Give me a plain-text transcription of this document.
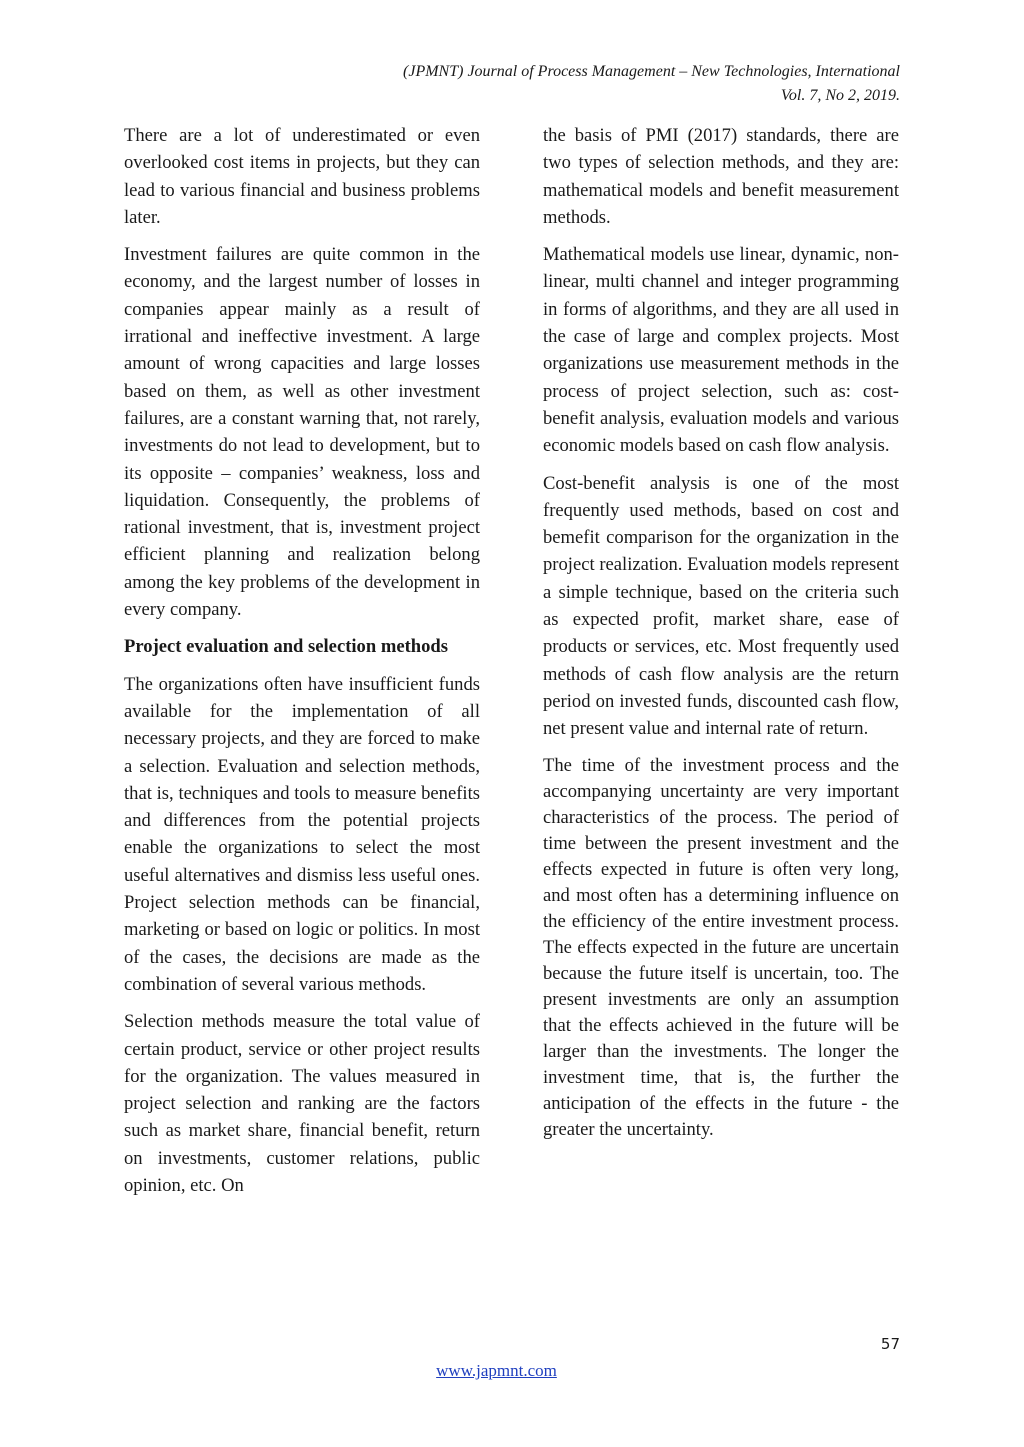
(JPMNT) Journal of Process Management – New Technologies, International
Vol. 7, No 2, 2019.

There are a lot of underestimated or even overlooked cost items in projects, but they can lead to various financial and business problems later.

Investment failures are quite common in the economy, and the largest number of losses in companies appear mainly as a result of irrational and ineffective investment. A large amount of wrong capacities and large losses based on them, as well as other investment failures, are a constant warning that, not rarely, investments do not lead to development, but to its opposite – companies’ weakness, loss and liquidation. Consequently, the problems of rational investment, that is, investment project efficient planning and realization belong among the key problems of the development in every company.

Project evaluation and selection methods

The organizations often have insufficient funds available for the implementation of all necessary projects, and they are forced to make a selection. Evaluation and selection methods, that is, techniques and tools to measure benefits and differences from the potential projects enable the organizations to select the most useful alternatives and dismiss less useful ones. Project selection methods can be financial, marketing or based on logic or politics. In most of the cases, the decisions are made as the combination of several various methods.

Selection methods measure the total value of certain product, service or other project results for the organization. The values measured in project selection and ranking are the factors such as market share, financial benefit, return on investments, customer relations, public opinion, etc. On

the basis of PMI (2017) standards, there are two types of selection methods, and they are: mathematical models and benefit measurement methods.

Mathematical models use linear, dynamic, non-linear, multi channel and integer programming in forms of algorithms, and they are all used in the case of large and complex projects. Most organizations use measurement methods in the process of project selection, such as: cost-benefit analysis, evaluation models and various economic models based on cash flow analysis.

Cost-benefit analysis is one of the most frequently used methods, based on cost and bemefit comparison for the organization in the project realization. Evaluation models represent a simple technique, based on the criteria such as expected profit, market share, ease of products or services, etc. Most frequently used methods of cash flow analysis are the return period on invested funds, discounted cash flow, net present value and internal rate of return.

The time of the investment process and the accompanying uncertainty are very important characteristics of the process. The period of time between the present investment and the effects expected in future is often very long, and most often has a determining influence on the efficiency of the entire investment process. The effects expected in the future are uncertain because the future itself is uncertain, too. The present investments are only an assumption that the effects achieved in the future will be larger than the investments. The longer the investment time, that is, the further the anticipation of the effects in the future - the greater the uncertainty.

57
www.japmnt.com
